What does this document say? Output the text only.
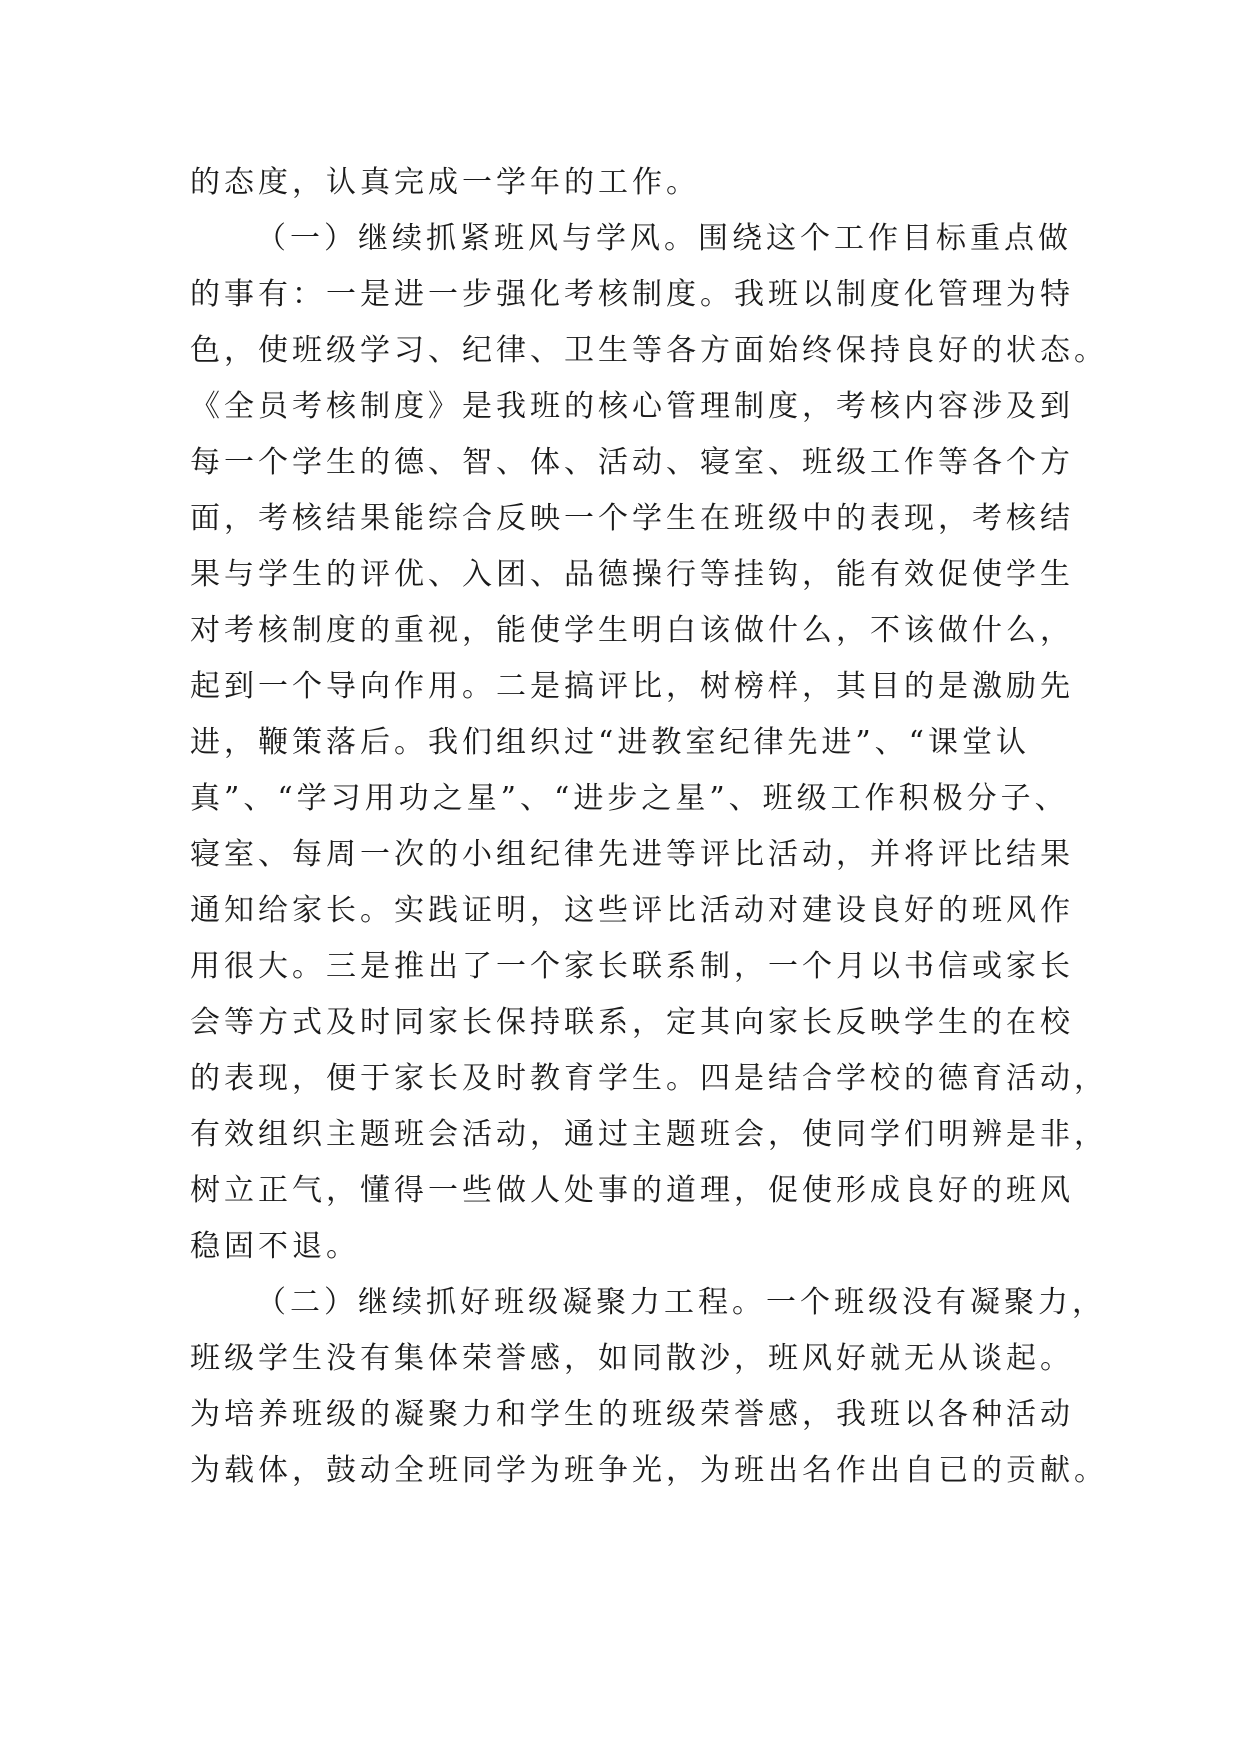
的态度，认真完成一学年的工作。
（一）继续抓紧班风与学风。围绕这个工作目标重点做
的事有：一是进一步强化考核制度。我班以制度化管理为特
色，使班级学习、纪律、卫生等各方面始终保持良好的状态。
《全员考核制度》是我班的核心管理制度，考核内容涉及到
每一个学生的德、智、体、活动、寝室、班级工作等各个方
面，考核结果能综合反映一个学生在班级中的表现，考核结
果与学生的评优、入团、品德操行等挂钩，能有效促使学生
对考核制度的重视，能使学生明白该做什么，不该做什么，
起到一个导向作用。二是搞评比，树榜样，其目的是激励先
进，鞭策落后。我们组织过“进教室纪律先进”、“课堂认
真”、“学习用功之星”、“进步之星”、班级工作积极分子、
寝室、每周一次的小组纪律先进等评比活动，并将评比结果
通知给家长。实践证明，这些评比活动对建设良好的班风作
用很大。三是推出了一个家长联系制，一个月以书信或家长
会等方式及时同家长保持联系，定其向家长反映学生的在校
的表现，便于家长及时教育学生。四是结合学校的德育活动，
有效组织主题班会活动，通过主题班会，使同学们明辨是非，
树立正气，懂得一些做人处事的道理，促使形成良好的班风
稳固不退。
（二）继续抓好班级凝聚力工程。一个班级没有凝聚力，
班级学生没有集体荣誉感，如同散沙，班风好就无从谈起。
为培养班级的凝聚力和学生的班级荣誉感，我班以各种活动
为载体，鼓动全班同学为班争光，为班出名作出自已的贡献。
